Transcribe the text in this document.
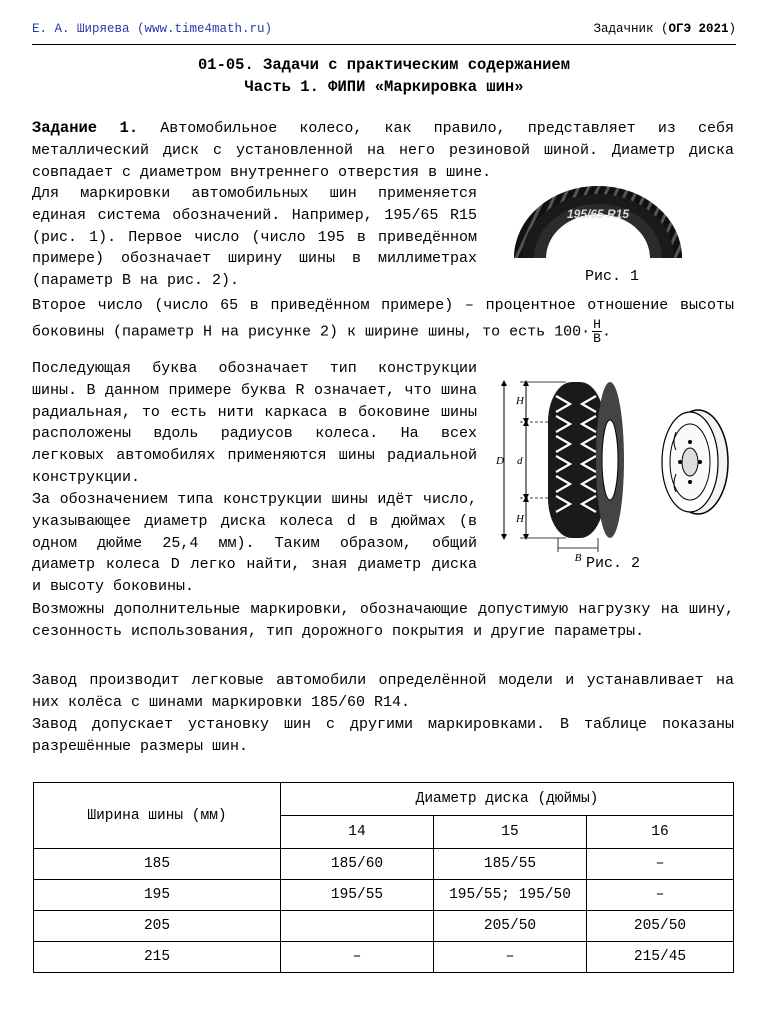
Е. А. Ширяева (www.time4math.ru)	Задачник (ОГЭ 2021)
01-05. Задачи с практическим содержанием
Часть 1. ФИПИ «Маркировка шин»

Задание 1. Автомобильное колесо, как правило, представляет из себя металлический диск с установленной на него резиновой шиной. Диаметр диска совпадает с диаметром внутреннего отверстия в шине.

Для маркировки автомобильных шин применяется единая система обозначений. Например, 195/65 R15 (рис. 1). Первое число (число 195 в приведённом примере) обозначает ширину шины в миллиметрах (параметр B на рис. 2).

Второе число (число 65 в приведённом примере) – процентное отношение высоты боковины (параметр H на рисунке 2) к ширине шины, то есть $100\cdot \frac{H}{B}$ .

Последующая буква обозначает тип конструкции шины. В данном примере буква R означает, что шина радиальная, то есть нити каркаса в боковине шины расположены вдоль радиусов колеса. На всех легковых автомобилях применяются шины радиальной конструкции.

За обозначением типа конструкции шины идёт число, указывающее диаметр диска колеса d в дюймах (в одном дюйме 25,4 мм). Таким образом, общий диаметр колеса D легко найти, зная диаметр диска и высоту боковины.

Возможны дополнительные маркировки, обозначающие допустимую нагрузку на шину, сезонность использования, тип дорожного покрытия и другие параметры.

Завод производит легковые автомобили определённой модели и устанавливает на них колёса с шинами маркировки 185/60 R14.

Завод допускает установку шин с другими маркировками. В таблице показаны разрешённые размеры шин.

195/65 R15
Рис. 1
D
H
d
H
B Рис. 2
Ширина шины (мм)	Диаметр диска (дюймы)		
	14	15	16
185	185/60	185/55	–
195	195/55	195/55; 195/50	–
205		205/50	205/50
215	–	–	215/45
